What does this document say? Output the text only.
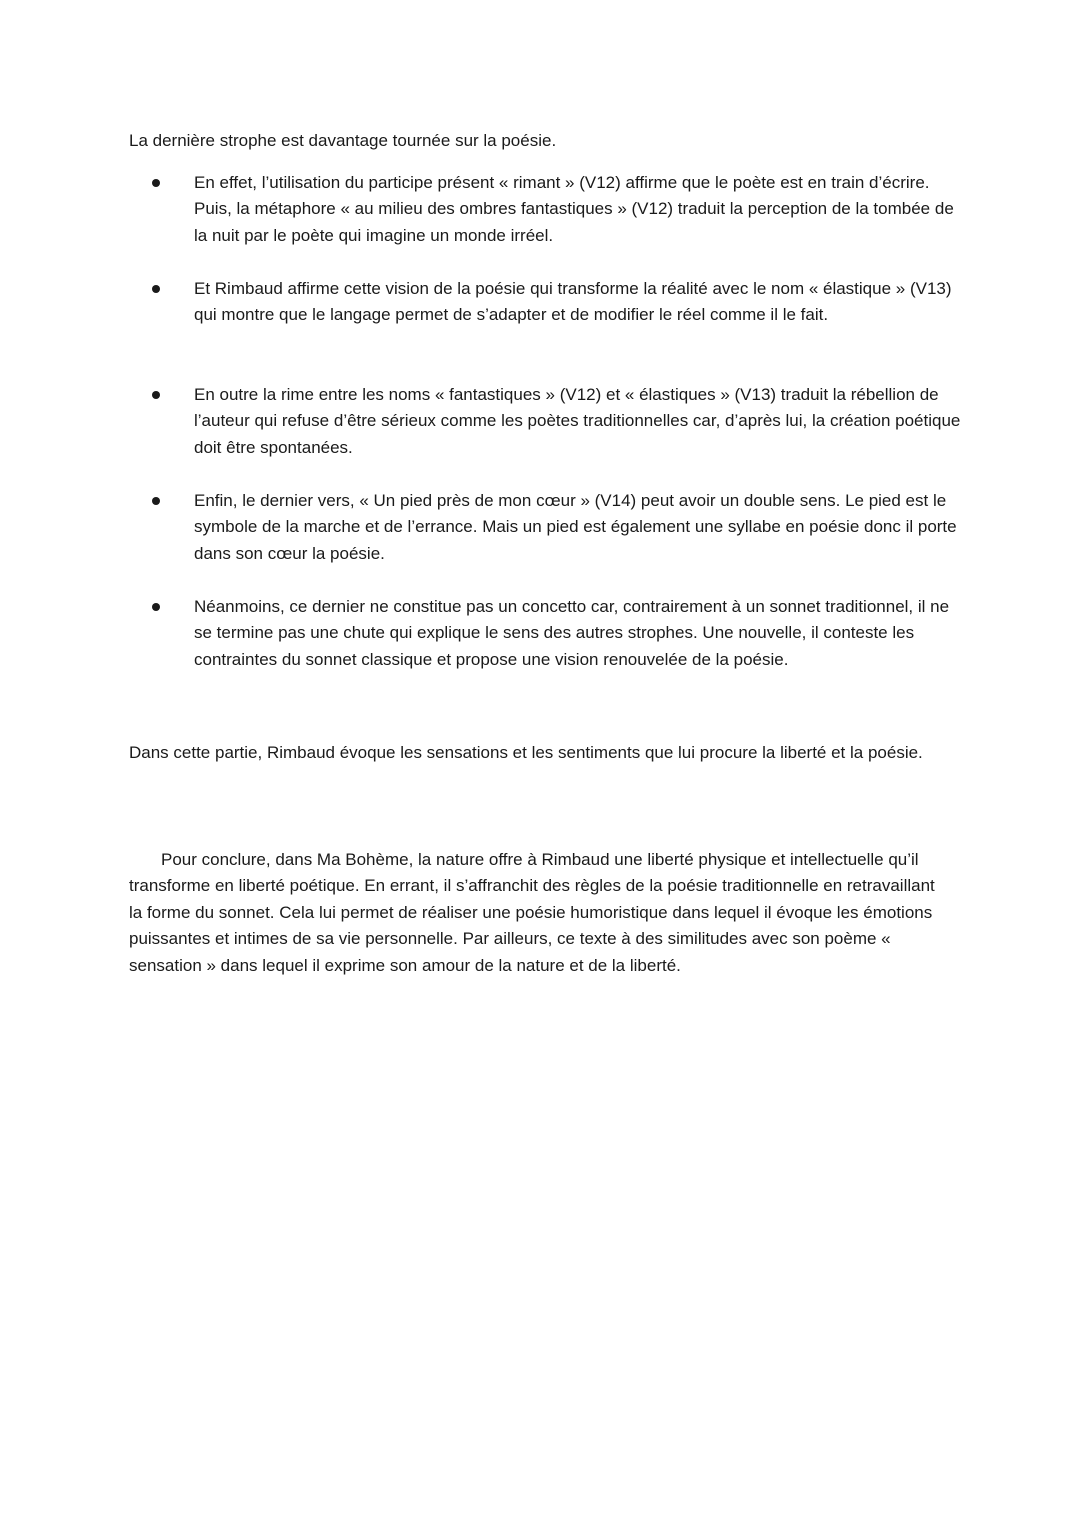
La dernière strophe est davantage tournée sur la poésie.

En effet, l’utilisation du participe présent « rimant » (V12) affirme que le poète est en train d’écrire. Puis, la métaphore « au milieu des ombres fantastiques » (V12) traduit la perception de la tombée de la nuit par le poète qui imagine un monde irréel.

Et Rimbaud affirme cette vision de la poésie qui transforme la réalité avec le nom « élastique » (V13) qui montre que le langage permet de s’adapter et de modifier le réel comme il le fait.

En outre la rime entre les noms « fantastiques » (V12) et « élastiques » (V13) traduit la rébellion de l’auteur qui refuse d’être sérieux comme les poètes traditionnelles car, d’après lui, la création poétique doit être spontanées.

Enfin, le dernier vers, « Un pied près de mon cœur » (V14) peut avoir un double sens. Le pied est le symbole de la marche et de l’errance. Mais un pied est également une syllabe en poésie donc il porte dans son cœur la poésie.

Néanmoins, ce dernier ne constitue pas un concetto car, contrairement à un sonnet traditionnel, il ne se termine pas une chute qui explique le sens des autres strophes. Une nouvelle, il conteste les contraintes du sonnet classique et propose une vision renouvelée de la poésie.

Dans cette partie, Rimbaud évoque les sensations et les sentiments que lui procure la liberté et la poésie.

Pour conclure, dans Ma Bohème, la nature offre à Rimbaud une liberté physique et intellectuelle qu’il transforme en liberté poétique. En errant, il s’affranchit des règles de la poésie traditionnelle en retravaillant la forme du sonnet. Cela lui permet de réaliser une poésie humoristique dans lequel il évoque les émotions puissantes et intimes de sa vie personnelle. Par ailleurs, ce texte à des similitudes avec son poème « sensation » dans lequel il exprime son amour de la nature et de la liberté.
